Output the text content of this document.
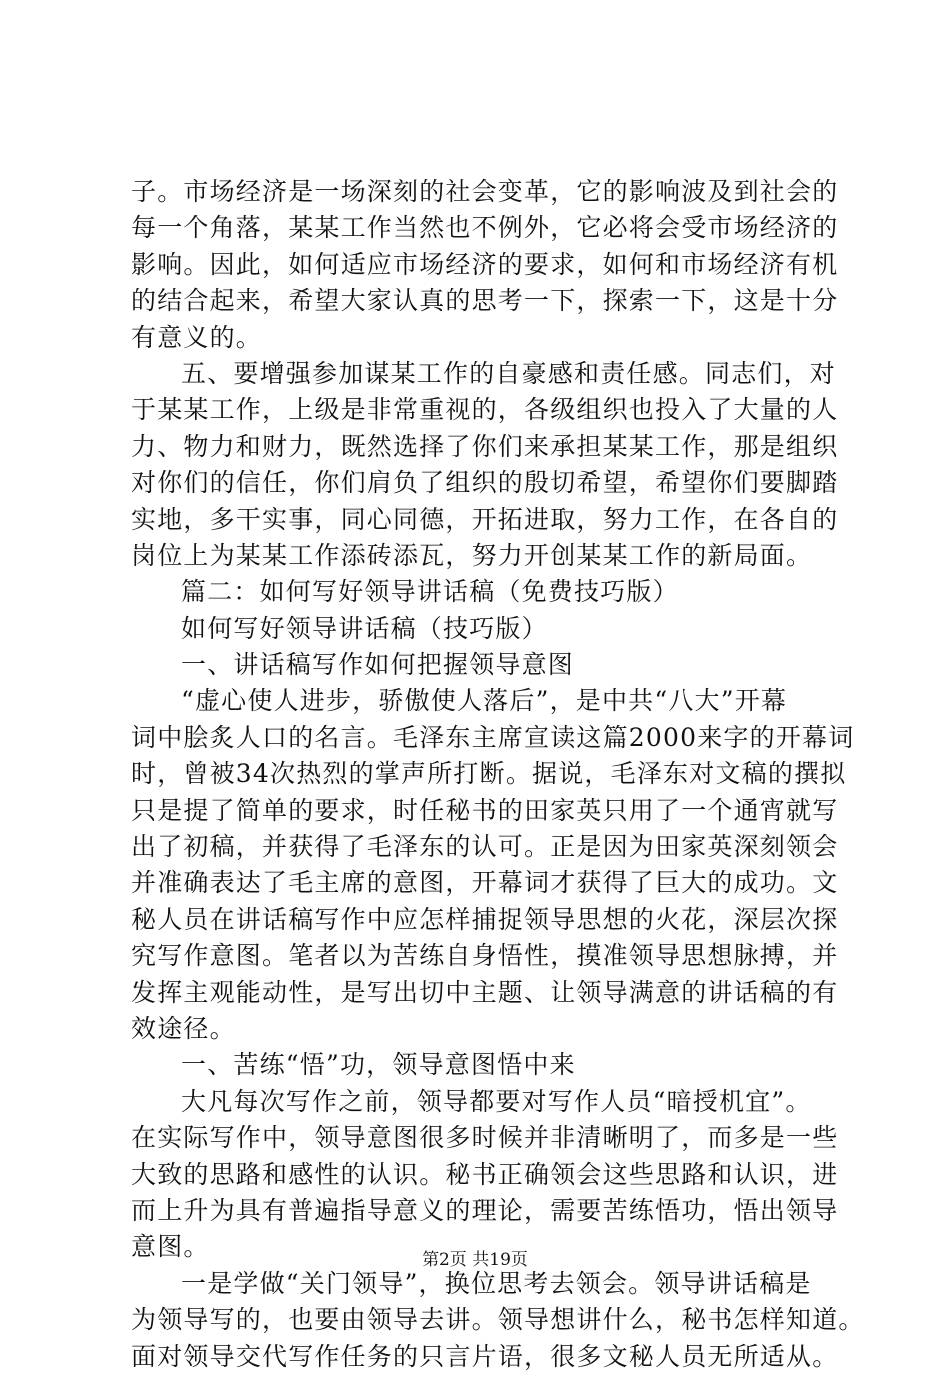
子。市场经济是一场深刻的社会变革，它的影响波及到社会的
每一个角落，某某工作当然也不例外，它必将会受市场经济的
影响。因此，如何适应市场经济的要求，如何和市场经济有机
的结合起来，希望大家认真的思考一下，探索一下，这是十分
有意义的。
五、要增强参加谋某工作的自豪感和责任感。同志们，对
于某某工作，上级是非常重视的，各级组织也投入了大量的人
力、物力和财力，既然选择了你们来承担某某工作，那是组织
对你们的信任，你们肩负了组织的殷切希望，希望你们要脚踏
实地，多干实事，同心同德，开拓进取，努力工作，在各自的
岗位上为某某工作添砖添瓦，努力开创某某工作的新局面。
篇二：如何写好领导讲话稿（免费技巧版）
如何写好领导讲话稿（技巧版）
一、讲话稿写作如何把握领导意图
“虚心使人进步，骄傲使人落后”，是中共“八大”开幕
词中脍炙人口的名言。毛泽东主席宣读这篇2000来字的开幕词
时，曾被34次热烈的掌声所打断。据说，毛泽东对文稿的撰拟
只是提了简单的要求，时任秘书的田家英只用了一个通宵就写
出了初稿，并获得了毛泽东的认可。正是因为田家英深刻领会
并准确表达了毛主席的意图，开幕词才获得了巨大的成功。文
秘人员在讲话稿写作中应怎样捕捉领导思想的火花，深层次探
究写作意图。笔者以为苦练自身悟性，摸准领导思想脉搏，并
发挥主观能动性，是写出切中主题、让领导满意的讲话稿的有
效途径。
一、苦练“悟”功，领导意图悟中来
大凡每次写作之前，领导都要对写作人员“暗授机宜”。
在实际写作中，领导意图很多时候并非清晰明了，而多是一些
大致的思路和感性的认识。秘书正确领会这些思路和认识，进
而上升为具有普遍指导意义的理论，需要苦练悟功，悟出领导
意图。
一是学做“关门领导”，换位思考去领会。领导讲话稿是
为领导写的，也要由领导去讲。领导想讲什么，秘书怎样知道。
面对领导交代写作任务的只言片语，很多文秘人员无所适从。
第2页 共19页
